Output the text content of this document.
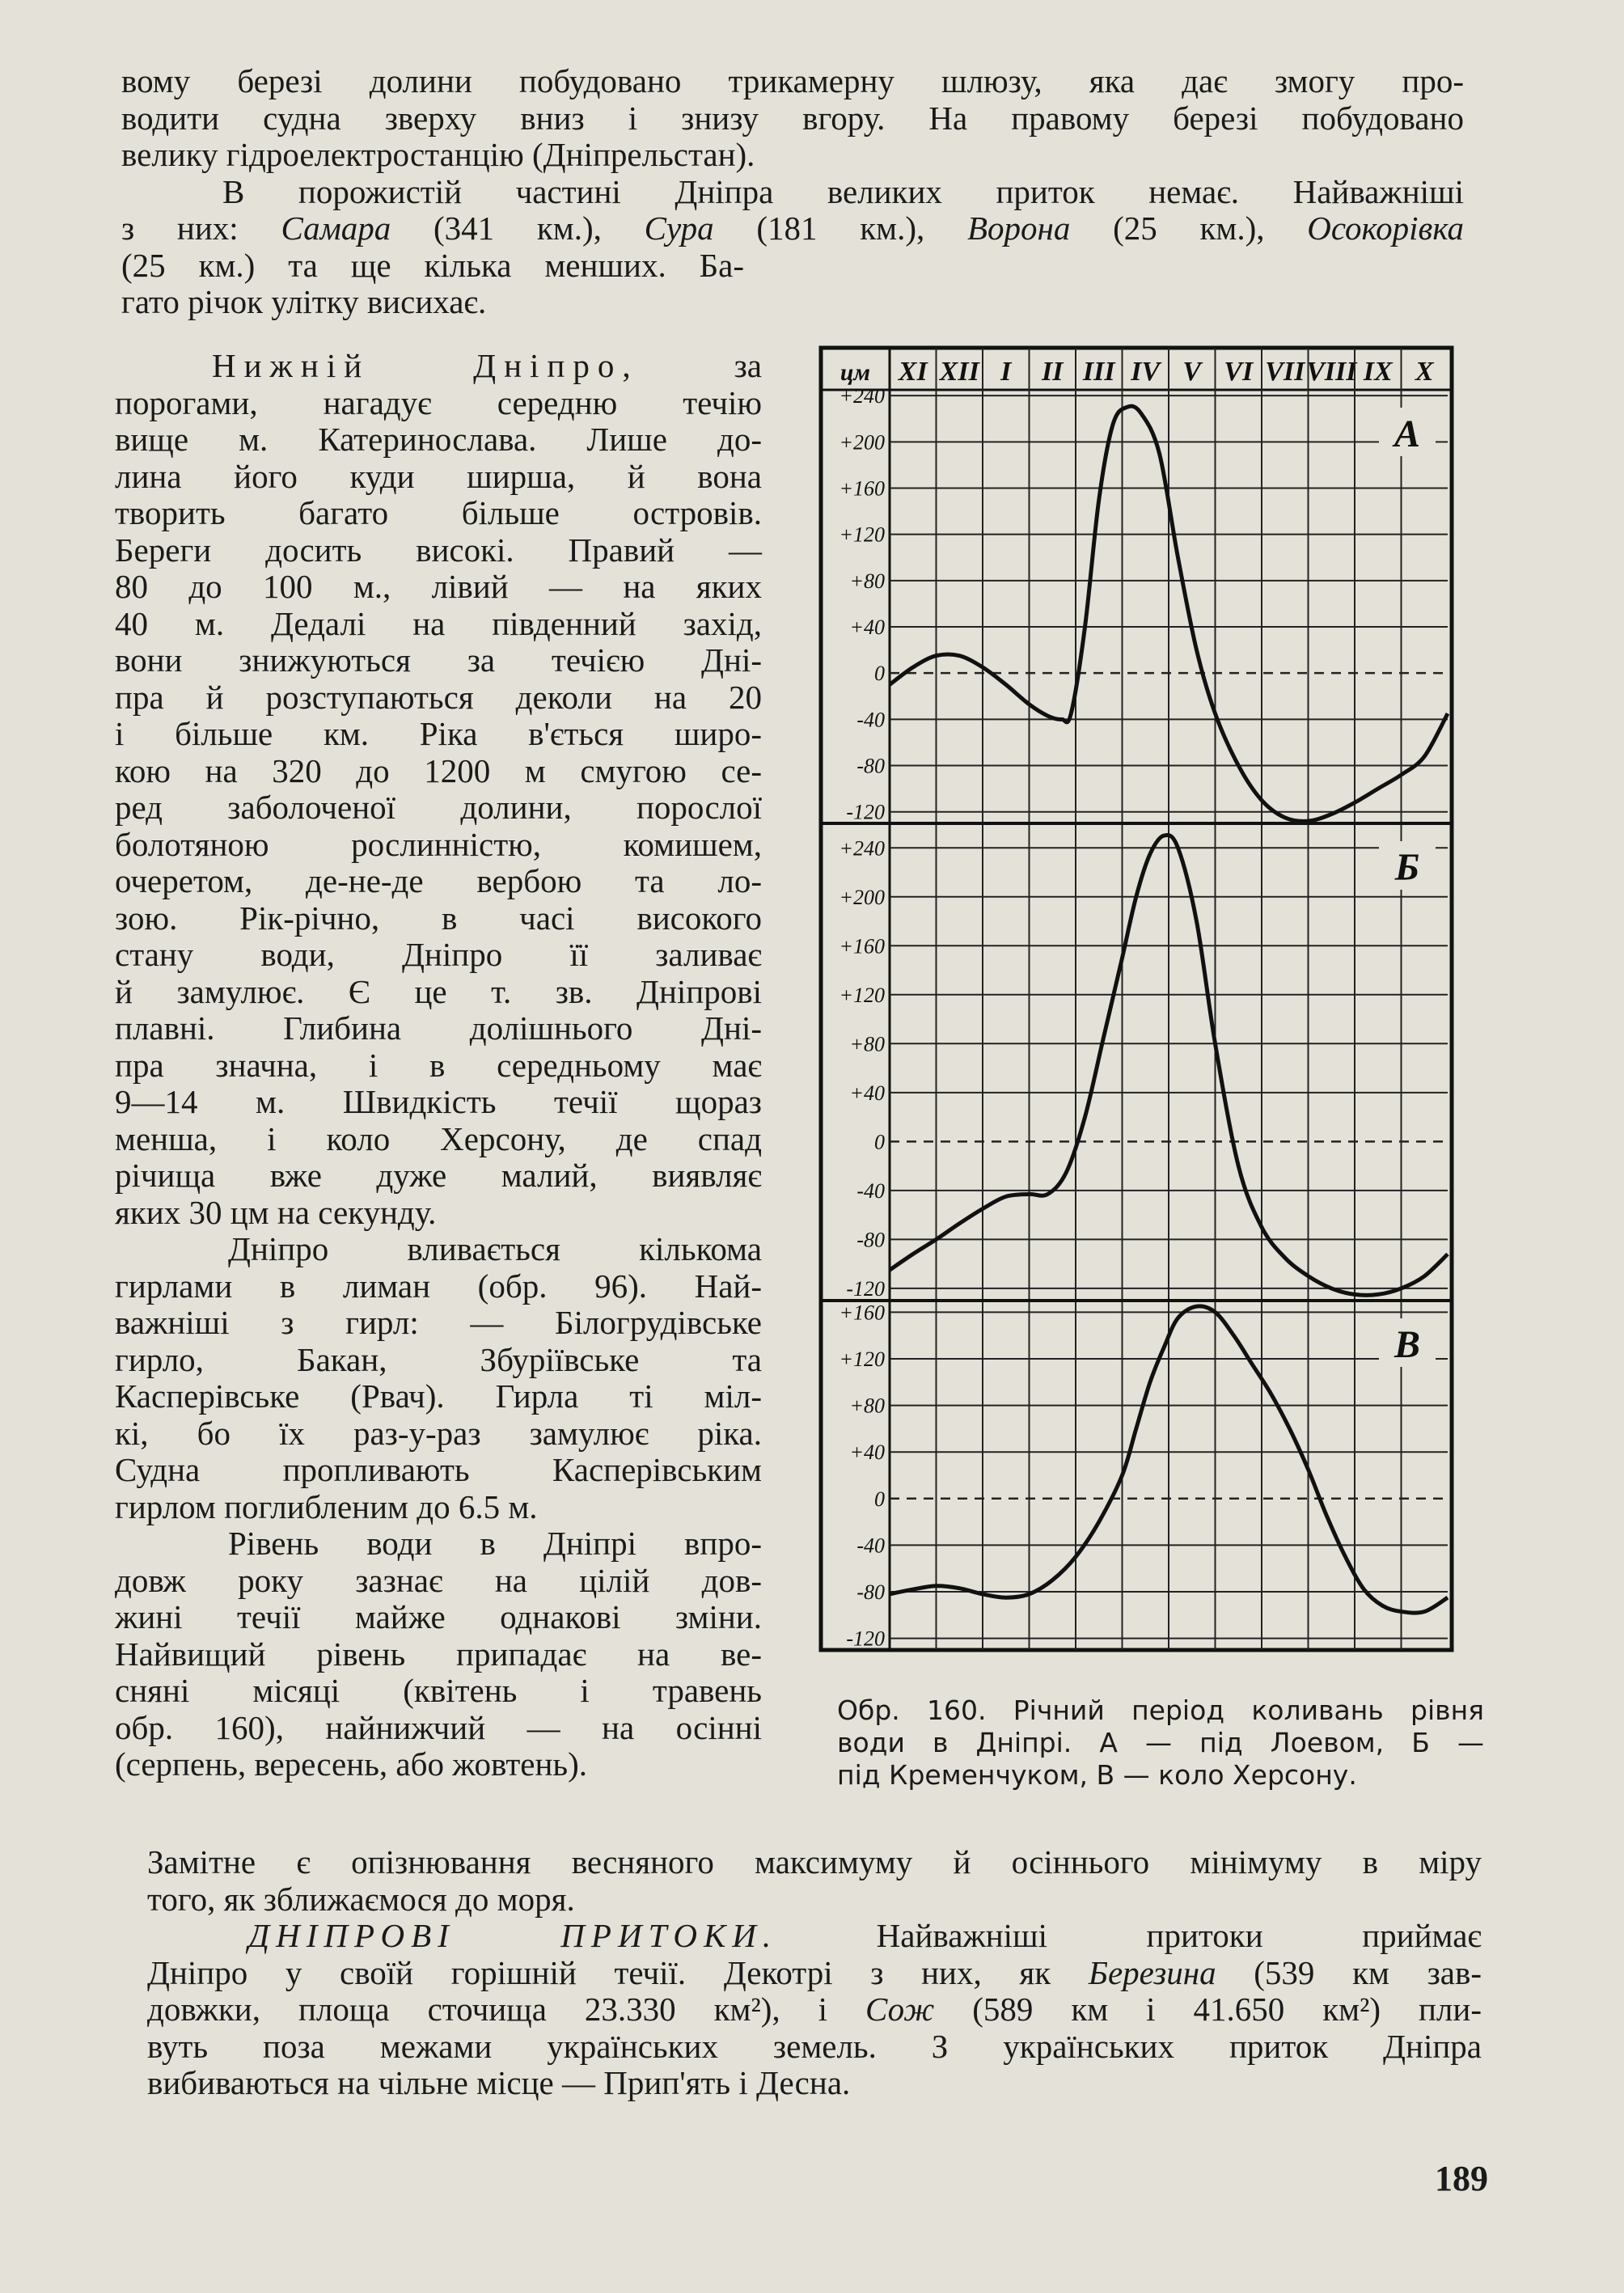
вому березі долини побудовано трикамерну шлюзу, яка дає змогу про-
водити судна зверху вниз і знизу вгору. На правому березі побудовано
велику гідроелектростанцію (Дніпрельстан).
В порожистій частині Дніпра великих приток немає. Найважніші
з них: Самара (341 км.), Сура (181 км.), Ворона (25 км.), Осокорівка
(25 км.) та ще кілька менших. Ба-
гато річок улітку висихає.
Нижній Дніпро,	за
порогами, нагадує середню течію
вище м. Катеринослава. Лише до-
лина його куди ширша, й вона
творить багато більше островів.
Береги досить високі. Правий —
80 до 100 м., лівий — на яких
40 м. Дедалі на південний захід,
вони знижуються за течією Дні-
пра й розступаються деколи на 20
і більше км. Ріка в'ється широ-
кою на 320 до 1200 м смугою се-
ред заболоченої долини, порослої
болотяною рослинністю, комишем,
очеретом, де-не-де вербою та ло-
зою. Рік-річно, в часі високого
стану води, Дніпро її заливає
й замулює. Є це т. зв. Дніпрові
плавні. Глибина долішнього Дні-
пра значна, і в середньому має
9—14 м. Швидкість течії щораз
менша, і коло Херсону, де спад
річища вже дуже малий, виявляє
яких 30 цм на секунду.
Дніпро вливається кількома
гирлами в лиман (обр. 96). Най-
важніші з гирл: — Білогрудівське
гирло, Бакан, Збуріївське та
Касперівське (Рвач). Гирла ті міл-
кі, бо їх раз-у-раз замулює ріка.
Судна пропливають Касперівським
гирлом поглибленим до 6.5 м.
Рівень води в Дніпрі впро-
довж року зазнає на цілій дов-
жині течії майже однакові зміни.
Найвищий рівень припадає на ве-
сняні місяці (квітень і травень
обр. 160), найнижчий — на осінні
(серпень, вересень, або жовтень).
цм XI XII I II III IV V VI VII VIII IX X
+240
+200
+160
+120
+80
+40
0
-40
-80
-120
А
+240
+200
+160
+120
+80
+40
0
-40
-80
-120
Б
+160
+120
+80
+40
0
-40
-80
-120
В
Обр. 160. Річний період коливань рівня
води в Дніпрі. А — під Лоевом, Б —
під Кременчуком, В — коло Херсону.
Замітне є опізнювання весняного максимуму й осіннього мінімуму в міру
того, як зближаємося до моря.
ДНІПРОВІ ПРИТОКИ. Найважніші притоки приймає
Дніпро у своїй горішній течії. Декотрі з них, як Березина (539 км зав-
довжки, площа сточища 23.330 км²), і Сож (589 км і 41.650 км²) пли-
вуть поза межами українських земель. З українських приток Дніпра
вибиваються на чільне місце — Прип'ять і Десна.
189
